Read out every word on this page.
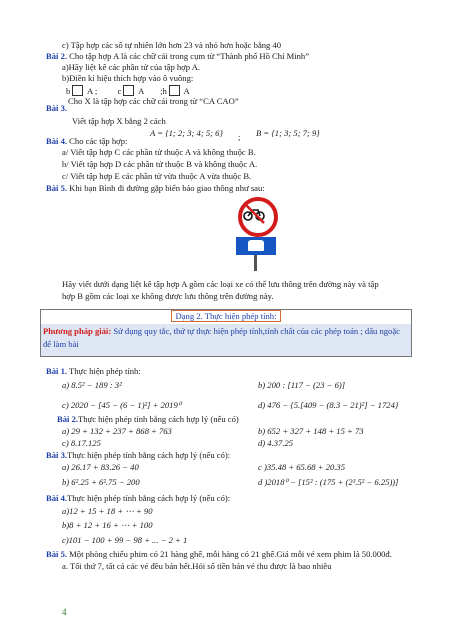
c) Tập hợp các số tự nhiên lớn hơn 23 và nhỏ hơn hoặc bằng 40
Bài 2. Cho tập hợp A là các chữ cái trong cụm từ “Thành phố Hồ Chí Minh”
a)Hãy liệt kê các phần tử của tập hợp A.
b)Điền kí hiệu thích hợp vào ô vuông:
b A ; c A ;h A
Bài 3.
Cho X là tập hợp các chữ cái trong từ “CA CAO”
Viết tập hợp X bằng 2 cách
Bài 4. Cho các tập hợp:
A = {1; 2; 3; 4; 5; 6} ; B = {1; 3; 5; 7; 9}
a/ Viết tập hợp C các phần tử thuộc A và không thuộc B.
b/ Viết tập hợp D các phần tử thuộc B và không thuộc A.
c/ Viết tập hợp E các phần tử vừa thuộc A vừa thuộc B.
Bài 5. Khi bạn Bình đi đường gặp biển báo giao thông như sau:
Hãy viết dưới dạng liệt kê tập hợp A gồm các loại xe có thể lưu thông trên đường này và tập
hợp B gồm các loại xe không được lưu thông trên đường này.
Dạng 2. Thực hiện phép tính:
Phương pháp giải: Sử dụng quy tắc, thứ tự thực hiện phép tính,tính chất của các phép toán ; dấu ngoặc
để làm bài
Bài 1. Thực hiện phép tính:
a) 8.5² − 189 : 3²	b) 200 : [117 − (23 − 6)]
c) 2020 − [45 − (6 − 1)²] + 2019⁰	d) 476 − {5.[409 − (8.3 − 21)²] − 1724}
Bài 2.Thực hiện phép tính bằng cách hợp lý (nếu có)
a) 29 + 132 + 237 + 868 + 763	b) 652 + 327 + 148 + 15 + 73
c) 8.17.125	d) 4.37.25
Bài 3.Thực hiện phép tính bằng cách hợp lý (nếu có):
a) 26.17 + 83.26 − 40	c )35.48 + 65.68 + 20.35
b) 6².25 + 6².75 − 200	d )2018⁰ − [15² : (175 + (2³.5² − 6.25))]
Bài 4.Thực hiện phép tính bằng cách hợp lý (nếu có):
a)12 + 15 + 18 + ⋯ + 90
b)8 + 12 + 16 + ⋯ + 100
c)101 − 100 + 99 − 98 + ... − 2 + 1
Bài 5. Một phòng chiếu phim có 21 hàng ghế, mỗi hàng có 21 ghế.Giá mỗi vé xem phim là 50.000đ.
a. Tối thứ 7, tất cả các vé đều bán hết.Hỏi số tiền bán vé thu được là bao nhiêu
4
